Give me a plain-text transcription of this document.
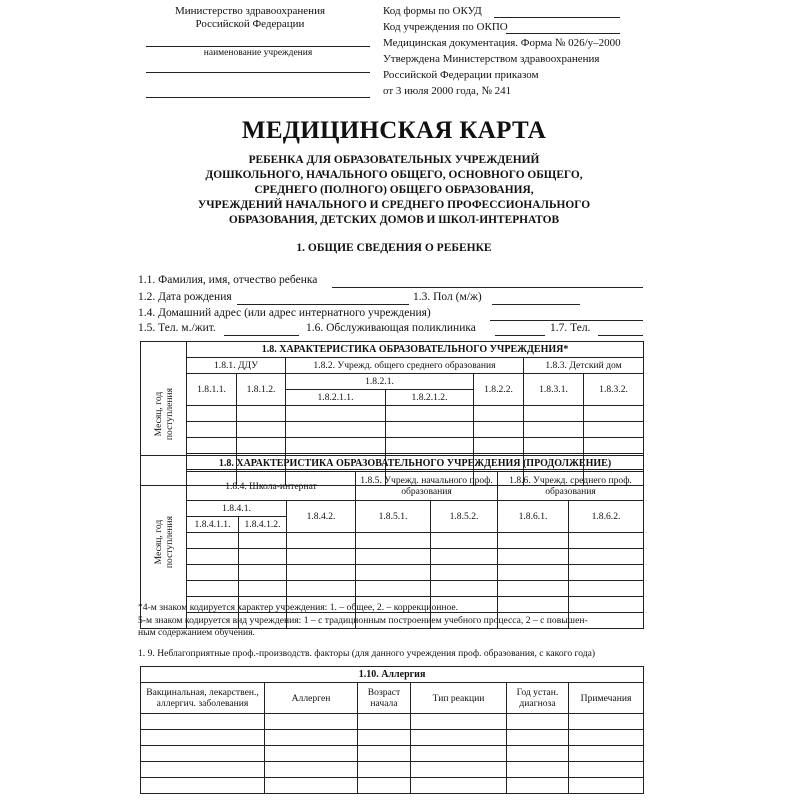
Министерство здравоохранения
Российской Федерации
наименование учреждения
Код формы по ОКУД
Код учреждения по ОКПО
Медицинская документация. Форма № 026/у–2000
Утверждена Министерством здравоохранения
Российской Федерации приказом
от 3 июля 2000 года, № 241
МЕДИЦИНСКАЯ КАРТА
РЕБЕНКА ДЛЯ ОБРАЗОВАТЕЛЬНЫХ УЧРЕЖДЕНИЙ
ДОШКОЛЬНОГО, НАЧАЛЬНОГО ОБЩЕГО, ОСНОВНОГО ОБЩЕГО,
СРЕДНЕГО (ПОЛНОГО) ОБЩЕГО ОБРАЗОВАНИЯ,
УЧРЕЖДЕНИЙ НАЧАЛЬНОГО И СРЕДНЕГО ПРОФЕССИОНАЛЬНОГО
ОБРАЗОВАНИЯ, ДЕТСКИХ ДОМОВ И ШКОЛ-ИНТЕРНАТОВ
1. ОБЩИЕ СВЕДЕНИЯ О РЕБЕНКЕ
1.1. Фамилия, имя, отчество ребенка
1.2. Дата рождения	1.3. Пол (м/ж)
1.4. Домашний адрес (или адрес интернатного учреждения)
1.5. Тел. м./жит.	1.6. Обслуживающая поликлиника	1.7. Тел.
Месяц, год
поступления	1.8. ХАРАКТЕРИСТИКА ОБРАЗОВАТЕЛЬНОГО УЧРЕЖДЕНИЯ*						
	1.8.1. ДДУ		1.8.2. Учрежд. общего среднего образования			1.8.3. Детский дом	
	1.8.1.1.	1.8.1.2.	1.8.2.1.		1.8.2.2.	1.8.3.1.	1.8.3.2.
			1.8.2.1.1.	1.8.2.1.2.			

Месяц, год
поступления	1.8. ХАРАКТЕРИСТИКА ОБРАЗОВАТЕЛЬНОГО УЧРЕЖДЕНИЯ (ПРОДОЛЖЕНИЕ)						
	1.8.4. Школа-интернат			1.8.5. Учрежд. начального проф. образования		1.8.6. Учрежд. среднего проф. образования	
	1.8.4.1.		1.8.4.2.	1.8.5.1.	1.8.5.2.	1.8.6.1.	1.8.6.2.
	1.8.4.1.1.	1.8.4.1.2.					

*4-м знаком кодируется характер учреждения: 1. – общее, 2. – коррекционное.
5-м знаком кодируется вид учреждения: 1 – с традиционным построением учебного процесса, 2 – с повышен-
ным содержанием обучения.
1. 9. Неблагоприятные проф.-производств. факторы (для данного учреждения проф. образования, с какого года)
1.10. Аллергия					
Вакцинальная, лекарствен., аллергич. заболевания	Аллерген	Возраст начала	Тип реакции	Год устан. диагноза	Примечания
